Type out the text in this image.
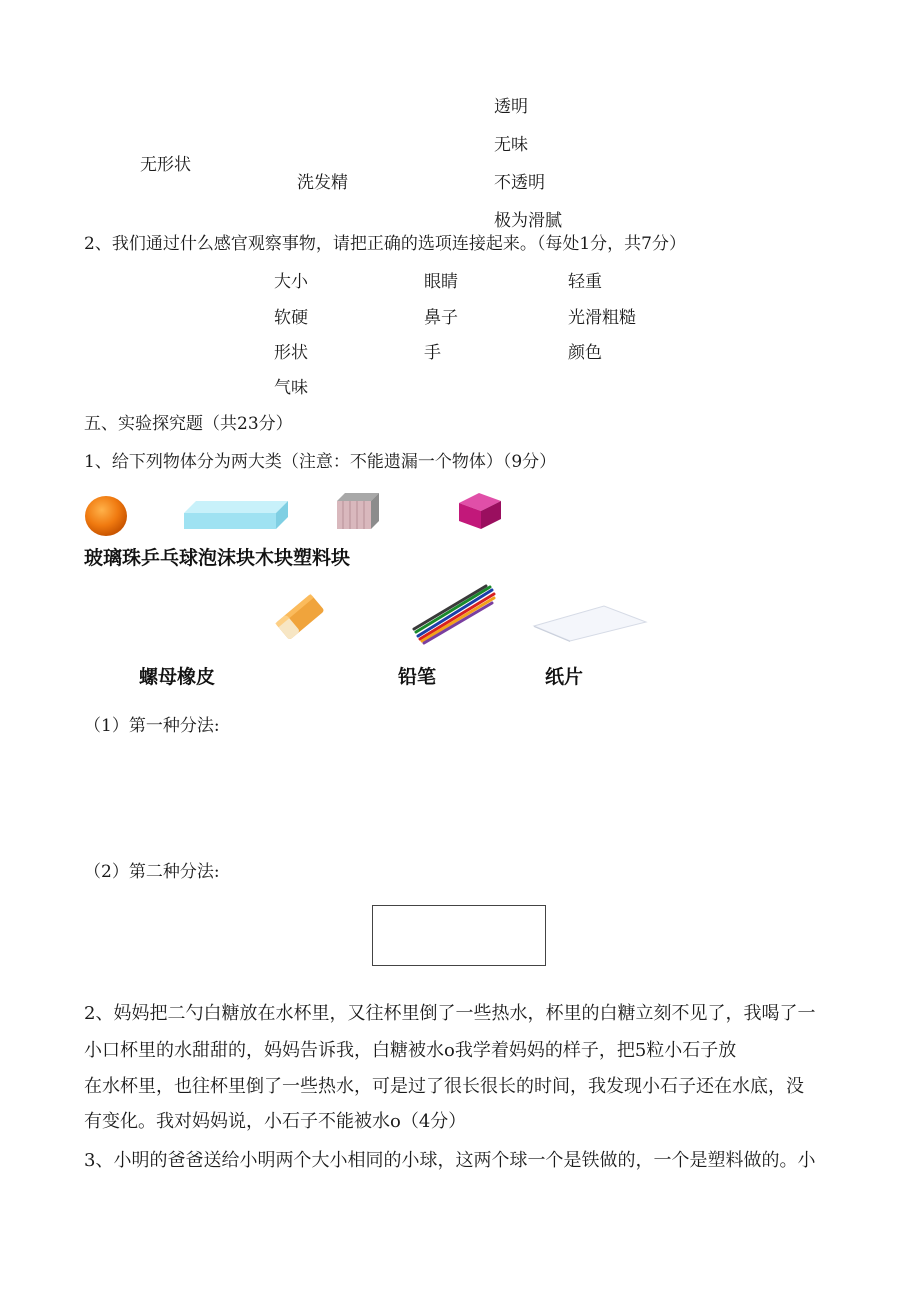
透明
无味
无形状
洗发精	不透明
极为滑腻
2、我们通过什么感官观察事物，请把正确的选项连接起来。（每处1分，共7分）
大小	眼睛	轻重
软硬	鼻子	光滑粗糙
形状	手	颜色
气味
五、实验探究题（共23分）
1、给下列物体分为两大类（注意：不能遗漏一个物体）（9分）
玻璃珠乒乓球泡沫块木块塑料块
螺母橡皮	铅笔	纸片
（1）第一种分法:
（2）第二种分法:
2、妈妈把二勺白糖放在水杯里，又往杯里倒了一些热水，杯里的白糖立刻不见了，我喝了一
小口杯里的水甜甜的，妈妈告诉我，白糖被水o我学着妈妈的样子，把5粒小石子放
在水杯里，也往杯里倒了一些热水，可是过了很长很长的时间，我发现小石子还在水底，没
有变化。我对妈妈说，小石子不能被水o（4分）
3、小明的爸爸送给小明两个大小相同的小球，这两个球一个是铁做的，一个是塑料做的。小
